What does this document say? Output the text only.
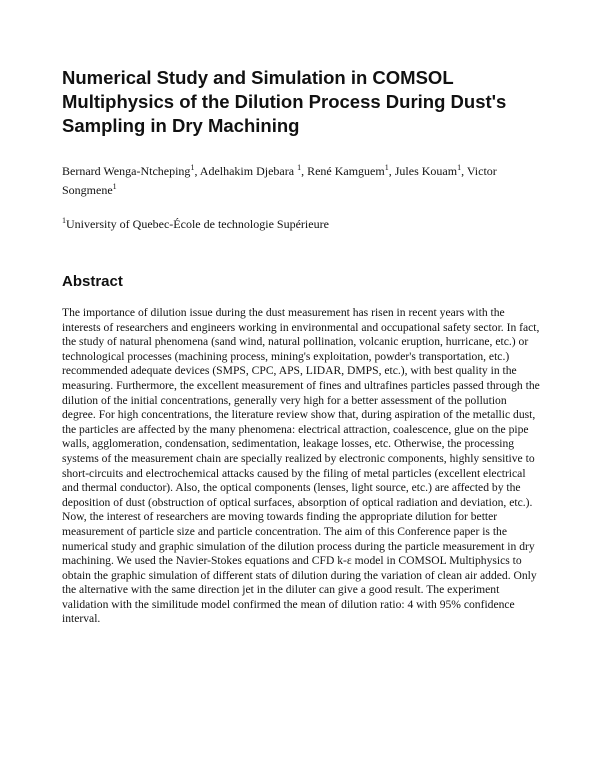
Numerical Study and Simulation in COMSOL Multiphysics of the Dilution Process During Dust's Sampling in Dry Machining

Bernard Wenga-Ntcheping$^1$, Adelhakim Djebara $^1$, René Kamguem$^1$, Jules Kouam$^1$, Victor Songmene$^1$

$^1$University of Quebec-École de technologie Supérieure

Abstract

The importance of dilution issue during the dust measurement has risen in recent years with the interests of researchers and engineers working in environmental and occupational safety sector. In fact, the study of natural phenomena (sand wind, natural pollination, volcanic eruption, hurricane, etc.) or technological processes (machining process, mining's exploitation, powder's transportation, etc.) recommended adequate devices (SMPS, CPC, APS, LIDAR, DMPS, etc.), with best quality in the measuring. Furthermore, the excellent measurement of fines and ultrafines particles passed through the dilution of the initial concentrations, generally very high for a better assessment of the pollution degree. For high concentrations, the literature review show that, during aspiration of the metallic dust, the particles are affected by the many phenomena: electrical attraction, coalescence, glue on the pipe walls, agglomeration, condensation, sedimentation, leakage losses, etc. Otherwise, the processing systems of the measurement chain are specially realized by electronic components, highly sensitive to short-circuits and electrochemical attacks caused by the filing of metal particles (excellent electrical and thermal conductor). Also, the optical components (lenses, light source, etc.) are affected by the deposition of dust (obstruction of optical surfaces, absorption of optical radiation and deviation, etc.). Now, the interest of researchers are moving towards finding the appropriate dilution for better measurement of particle size and particle concentration. The aim of this Conference paper is the numerical study and graphic simulation of the dilution process during the particle measurement in dry machining. We used the Navier-Stokes equations and CFD k-ε model in COMSOL Multiphysics to obtain the graphic simulation of different stats of dilution during the variation of clean air added. Only the alternative with the same direction jet in the diluter can give a good result. The experiment validation with the similitude model confirmed the mean of dilution ratio: 4 with 95% confidence interval.
